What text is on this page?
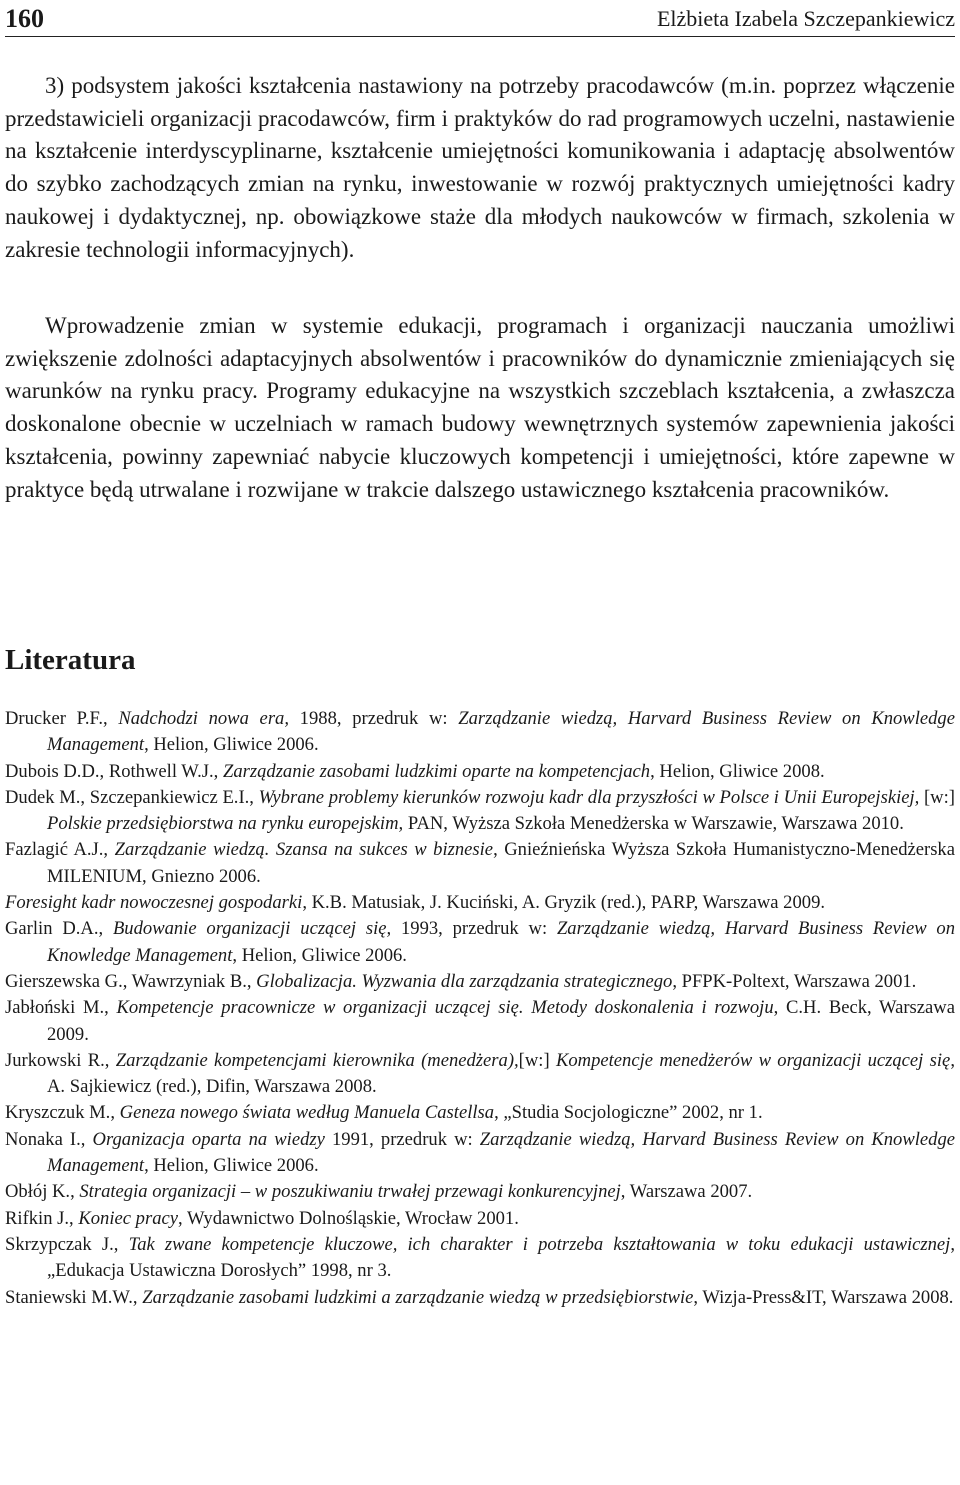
160	Elżbieta Izabela Szczepankiewicz

3) podsystem jakości kształcenia nastawiony na potrzeby pracodawców (m.in. poprzez włączenie przedstawicieli organizacji pracodawców, firm i praktyków do rad programowych uczelni, nastawienie na kształcenie interdyscyplinarne, kształcenie umiejętności komunikowania i adaptację absolwentów do szybko zachodzących zmian na rynku, inwestowanie w rozwój praktycznych umiejętności kadry naukowej i dydaktycznej, np. obowiązkowe staże dla młodych naukowców w firmach, szkolenia w zakresie technologii informacyjnych).

Wprowadzenie zmian w systemie edukacji, programach i organizacji nauczania umożliwi zwiększenie zdolności adaptacyjnych absolwentów i pracowników do dynamicznie zmieniających się warunków na rynku pracy. Programy edukacyjne na wszystkich szczeblach kształcenia, a zwłaszcza doskonalone obecnie w uczelniach w ramach budowy wewnętrznych systemów zapewnienia jakości kształcenia, powinny zapewniać nabycie kluczowych kompetencji i umiejętności, które zapewne w praktyce będą utrwalane i rozwijane w trakcie dalszego ustawicznego kształcenia pracowników.

Literatura
Drucker P.F., Nadchodzi nowa era, 1988, przedruk w: Zarządzanie wiedzą, Harvard Business Review on Knowledge Management, Helion, Gliwice 2006.
Dubois D.D., Rothwell W.J., Zarządzanie zasobami ludzkimi oparte na kompetencjach, Helion, Gliwice 2008.
Dudek M., Szczepankiewicz E.I., Wybrane problemy kierunków rozwoju kadr dla przyszłości w Polsce i Unii Europejskiej, [w:] Polskie przedsiębiorstwa na rynku europejskim, PAN, Wyższa Szkoła Menedżerska w Warszawie, Warszawa 2010.
Fazlagić A.J., Zarządzanie wiedzą. Szansa na sukces w biznesie, Gnieźnieńska Wyższa Szkoła Humanistyczno-Menedżerska MILENIUM, Gniezno 2006.
Foresight kadr nowoczesnej gospodarki, K.B. Matusiak, J. Kuciński, A. Gryzik (red.), PARP, Warszawa 2009.
Garlin D.A., Budowanie organizacji uczącej się, 1993, przedruk w: Zarządzanie wiedzą, Harvard Business Review on Knowledge Management, Helion, Gliwice 2006.
Gierszewska G., Wawrzyniak B., Globalizacja. Wyzwania dla zarządzania strategicznego, PFPK-Poltext, Warszawa 2001.
Jabłoński M., Kompetencje pracownicze w organizacji uczącej się. Metody doskonalenia i rozwoju, C.H. Beck, Warszawa 2009.
Jurkowski R., Zarządzanie kompetencjami kierownika (menedżera),[w:] Kompetencje menedżerów w organizacji uczącej się, A. Sajkiewicz (red.), Difin, Warszawa 2008.
Kryszczuk M., Geneza nowego świata według Manuela Castellsa, „Studia Socjologiczne” 2002, nr 1.
Nonaka I., Organizacja oparta na wiedzy 1991, przedruk w: Zarządzanie wiedzą, Harvard Business Review on Knowledge Management, Helion, Gliwice 2006.
Obłój K., Strategia organizacji – w poszukiwaniu trwałej przewagi konkurencyjnej, Warszawa 2007.
Rifkin J., Koniec pracy, Wydawnictwo Dolnośląskie, Wrocław 2001.
Skrzypczak J., Tak zwane kompetencje kluczowe, ich charakter i potrzeba kształtowania w toku edukacji ustawicznej, „Edukacja Ustawiczna Dorosłych” 1998, nr 3.
Staniewski M.W., Zarządzanie zasobami ludzkimi a zarządzanie wiedzą w przedsiębiorstwie, Wizja-Press&IT, Warszawa 2008.
